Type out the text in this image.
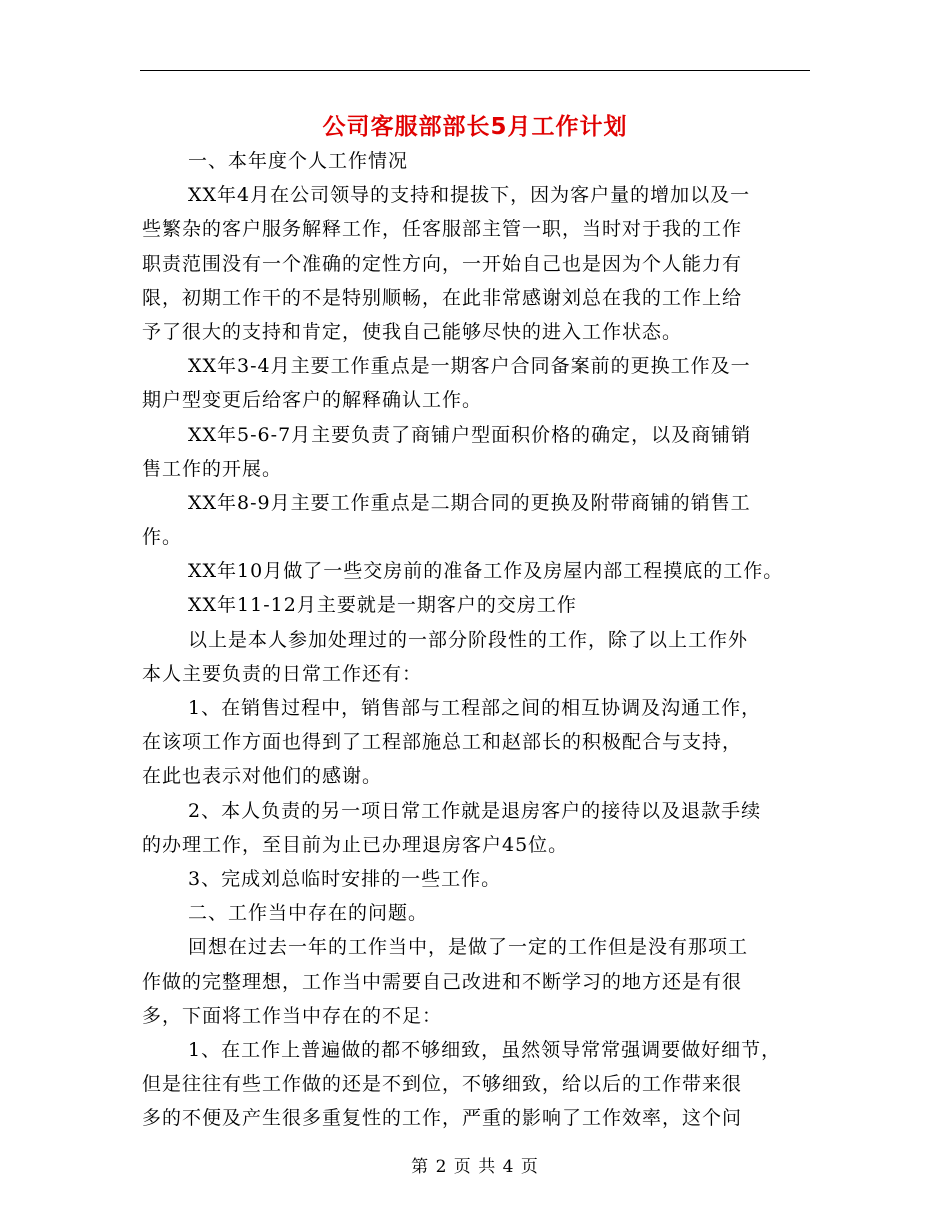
公司客服部部长5月工作计划
一、本年度个人工作情况
XX年4月在公司领导的支持和提拔下，因为客户量的增加以及一
些繁杂的客户服务解释工作，任客服部主管一职，当时对于我的工作
职责范围没有一个准确的定性方向，一开始自己也是因为个人能力有
限，初期工作干的不是特别顺畅，在此非常感谢刘总在我的工作上给
予了很大的支持和肯定，使我自己能够尽快的进入工作状态。
XX年3-4月主要工作重点是一期客户合同备案前的更换工作及一
期户型变更后给客户的解释确认工作。
XX年5-6-7月主要负责了商铺户型面积价格的确定，以及商铺销
售工作的开展。
XX年8-9月主要工作重点是二期合同的更换及附带商铺的销售工
作。
XX年10月做了一些交房前的准备工作及房屋内部工程摸底的工作。
XX年11-12月主要就是一期客户的交房工作
以上是本人参加处理过的一部分阶段性的工作，除了以上工作外
本人主要负责的日常工作还有：
1、在销售过程中，销售部与工程部之间的相互协调及沟通工作，
在该项工作方面也得到了工程部施总工和赵部长的积极配合与支持，
在此也表示对他们的感谢。
2、本人负责的另一项日常工作就是退房客户的接待以及退款手续
的办理工作，至目前为止已办理退房客户45位。
3、完成刘总临时安排的一些工作。
二、工作当中存在的问题。
回想在过去一年的工作当中，是做了一定的工作但是没有那项工
作做的完整理想，工作当中需要自己改进和不断学习的地方还是有很
多，下面将工作当中存在的不足：
1、在工作上普遍做的都不够细致，虽然领导常常强调要做好细节，
但是往往有些工作做的还是不到位，不够细致，给以后的工作带来很
多的不便及产生很多重复性的工作，严重的影响了工作效率，这个问
第 2 页 共 4 页
